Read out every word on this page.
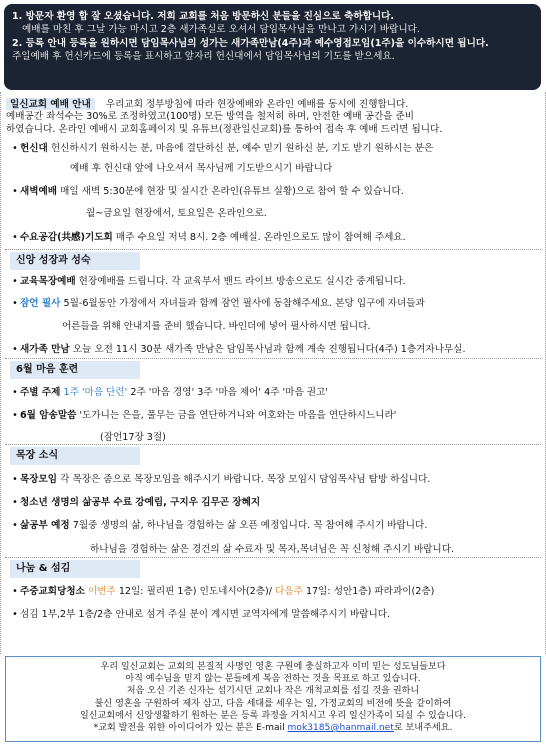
1. 방문자 환영 합 잘 오셨습니다. 저희 교회를 처음 방문하신 분들을 진심으로 축하합니다.
예배를 마친 후 그날 가능 마시고 2층 새가족실로 오셔서 담임목사님을 만나고 가시기 바랍니다.
2. 등록 안내 등록을 원하시면 담임목사님의 성가는 새가족만남(4주)과 예수영접모임(1주)을 이수하시면 됩니다.
주일예배 후 헌신카드에 등록을 표시하고 앞자리 헌신대에서 담임목사님의 기도를 받으세요.
일신교회 예배 안내 우리교회 정부방침에 따라 현장예배와 온라인 예배를 동시에 진행합니다.
예배공간 좌석수는 30%로 조정하였고(100명) 모든 방역을 철저히 하며, 안전한 예배 공간을 준비
하였습니다. 온라인 예배시 교회홈페이지 및 유튜브(정관일신교회)를 통하여 접속 후 예배 드리면 됩니다.
• 헌신대 헌신하시기 원하시는 분, 마음에 결단하신 분, 예수 믿기 원하신 분, 기도 받기 원하시는 분은
예배 후 헌신대 앞에 나오셔서 목사님께 기도받으시기 바랍니다
• 새벽예배 매일 새벽 5:30분에 현장 및 실시간 온라인(유튜브 실황)으로 참여 할 수 있습니다.
월~금요일 현장에서, 토요일은 온라인으로.
• 수요공감(共感)기도회 매주 수요일 저녁 8시. 2층 예배실. 온라인으로도 많이 참여해 주세요.
신앙 성장과 성숙
• 교육목장예배 현장예배를 드립니다. 각 교육부서 밴드 라이브 방송으로도 실시간 중계됩니다.
• 잠언 필사 5월-6월동안 가정에서 자녀들과 함께 잠언 필사에 동참해주세요. 본당 입구에 자녀들과
어른들을 위해 안내지를 준비 했습니다. 바인더에 넣어 필사하시면 됩니다.
• 새가족 만남 오늘 오전 11시 30분 새가족 만남은 담임목사님과 함께 계속 진행됩니다(4주) 1층겨자나무실.
6월 마음 훈련
• 주별 주제 1주 '마음 단련' 2주 '마음 경영' 3주 '마음 제어' 4주 '마음 권고'
• 6월 암송말씀 '도가니는 은을, 풀무는 금을 연단하거니와 여호와는 마음을 연단하시느니라'
(잠언17장 3절)
목장 소식
• 목장모임 각 목장은 줌으로 목장모임을 해주시기 바랍니다. 목장 모임시 담임목사님 탐방 하십니다.
• 청소년 생명의 삶공부 수료 강예림, 구지우 김무곤 장혜지
• 삶공부 예정 7월중 생명의 삶, 하나님을 경험하는 삶 오픈 예정입니다. 꼭 참여해 주시기 바랍니다.
하나님을 경험하는 삶은 경건의 삶 수료자 및 목자,목녀님은 꼭 신청해 주시기 바랍니다.
나눔 & 섬김
• 주중교회당청소 이번주 12일: 필리핀 1층) 인도네시아(2층)/ 다음주 17일: 성안1층) 파라과이(2층)
• 섬김 1부,2부 1층/2층 안내로 섬겨 주실 분이 계시면 교역자에게 말씀해주시기 바랍니다.
우리 일신교회는 교회의 본질적 사명인 영혼 구원에 충실하고자 이미 믿는 성도님들보다
아직 예수님을 믿지 않는 분들에게 복음 전하는 것을 목표로 하고 있습니다.
처음 오신 기존 신자는 섬기시던 교회나 작은 개척교회를 섬길 것을 권하니
불신 영혼을 구원하여 제자 삼고, 다음 세대를 세우는 일, 가정교회의 비전에 뜻을 같이하여
일신교회에서 신앙생활하기 원하는 분은 등록 과정을 거치시고 우리 일신가족이 되실 수 있습니다.
*교회 발전을 위한 아이디어가 있는 분은 E-mail mok3185@hanmail.net로 보내주세요.
